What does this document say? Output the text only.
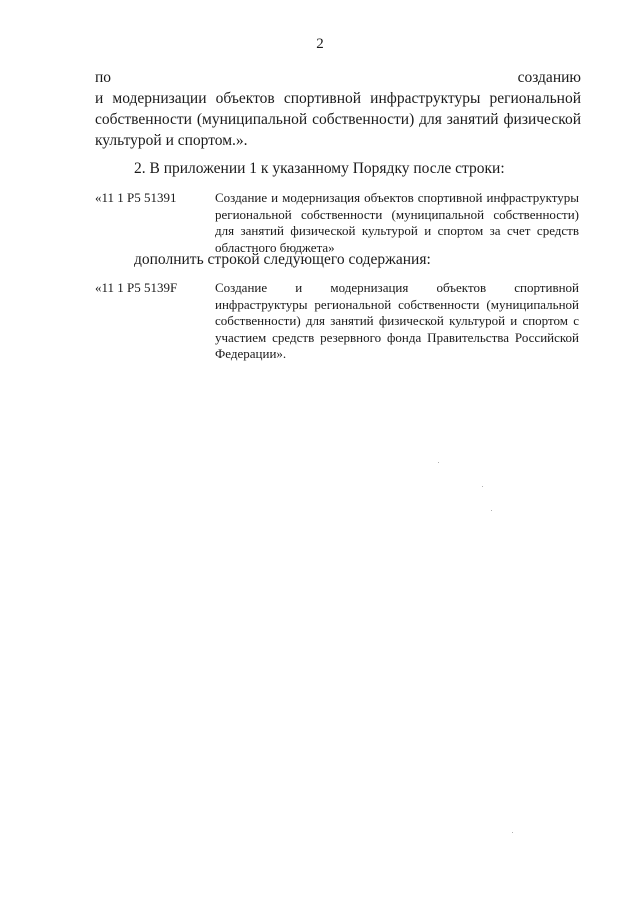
2
по	созданию
и модернизации объектов спортивной инфраструктуры региональной
собственности (муниципальной собственности) для занятий физической
культурой и спортом.».
2. В приложении 1 к указанному Порядку после строки:
«11 1 P5 51391	Создание и модернизация объектов спортивной инфраструктуры
региональной собственности (муниципальной собственности)
для занятий физической культурой и спортом за счет средств
областного бюджета»
дополнить строкой следующего содержания:
«11 1 P5 5139F	Создание и модернизация объектов спортивной
инфраструктуры региональной собственности (муниципальной
собственности) для занятий физической культурой и спортом с
участием средств резервного фонда Правительства Российской
Федерации».
